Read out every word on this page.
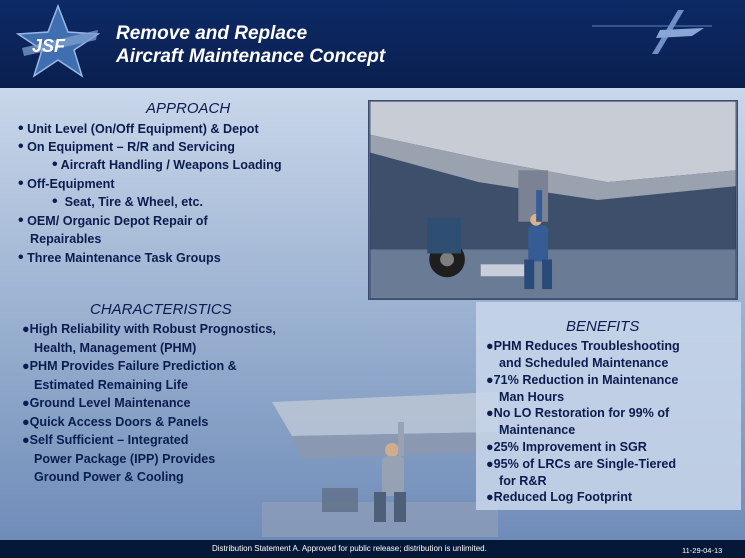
JSF
Remove and Replace
Aircraft Maintenance Concept
APPROACH
• Unit Level (On/Off Equipment) & Depot
• On Equipment – R/R and Servicing
• Aircraft Handling / Weapons Loading
• Off-Equipment
• Seat, Tire & Wheel, etc.
• OEM/ Organic Depot Repair of
Repairables
• Three Maintenance Task Groups
CHARACTERISTICS
●High Reliability with Robust Prognostics,
Health, Management (PHM)
●PHM Provides Failure Prediction &
Estimated Remaining Life
●Ground Level Maintenance
●Quick Access Doors & Panels
●Self Sufficient – Integrated
Power Package (IPP) Provides
Ground Power & Cooling
BENEFITS
●PHM Reduces Troubleshooting
and Scheduled Maintenance
●71% Reduction in Maintenance
Man Hours
●No LO Restoration for 99% of
Maintenance
●25% Improvement in SGR
●95% of LRCs are Single-Tiered
for R&R
●Reduced Log Footprint
Distribution Statement A. Approved for public release; distribution is unlimited.	11-29-04-13
